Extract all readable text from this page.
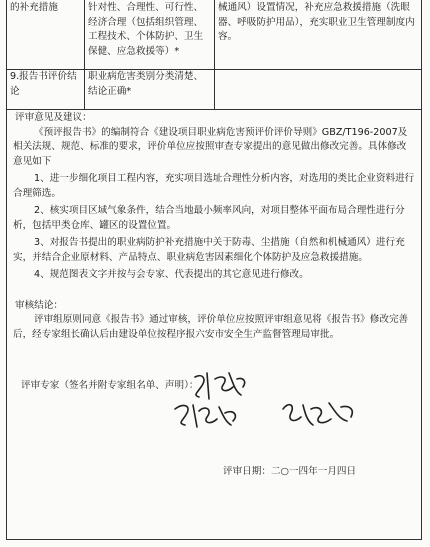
的补充措施	针对性、合理性、可行性、经济合理（包括组织管理、工程技术、个体防护、卫生保健、应急救援等）*
械通风）设置情况，补充应急救援措施（洗眼器、呼吸防护用品），充实职业卫生管理制度内容。
9.报告书评价结论
职业病危害类别分类清楚、结论正确*

评审意见及建议：

《预评报告书》的编制符合《建设项目职业病危害预评价评价导则》GBZ/T196-2007及相关法规、规范、标准的要求，评价单位应按照审查专家提出的意见做出修改完善。具体修改意见如下

1、进一步细化项目工程内容，充实项目选址合理性分析内容，对选用的类比企业资料进行合理筛选。

2、核实项目区域气象条件，结合当地最小频率风向，对项目整体平面布局合理性进行分析，包括甲类仓库、罐区的设置位置。

3、对报告书提出的职业病防护补充措施中关于防毒、尘措施（自然和机械通风）进行充实，并结合企业原材料、产品特点、职业病危害因素细化个体防护及应急救援措施。

4、规范图表文字并按与会专家、代表提出的其它意见进行修改。

审核结论：

评审组原则同意《报告书》通过审核，评价单位应按照评审组意见将《报告书》修改完善后，经专家组长确认后由建设单位按程序报六安市安全生产监督管理局审批。

评审专家（签名并附专家组名单、声明）：
评审日期：二○一四年一月四日
